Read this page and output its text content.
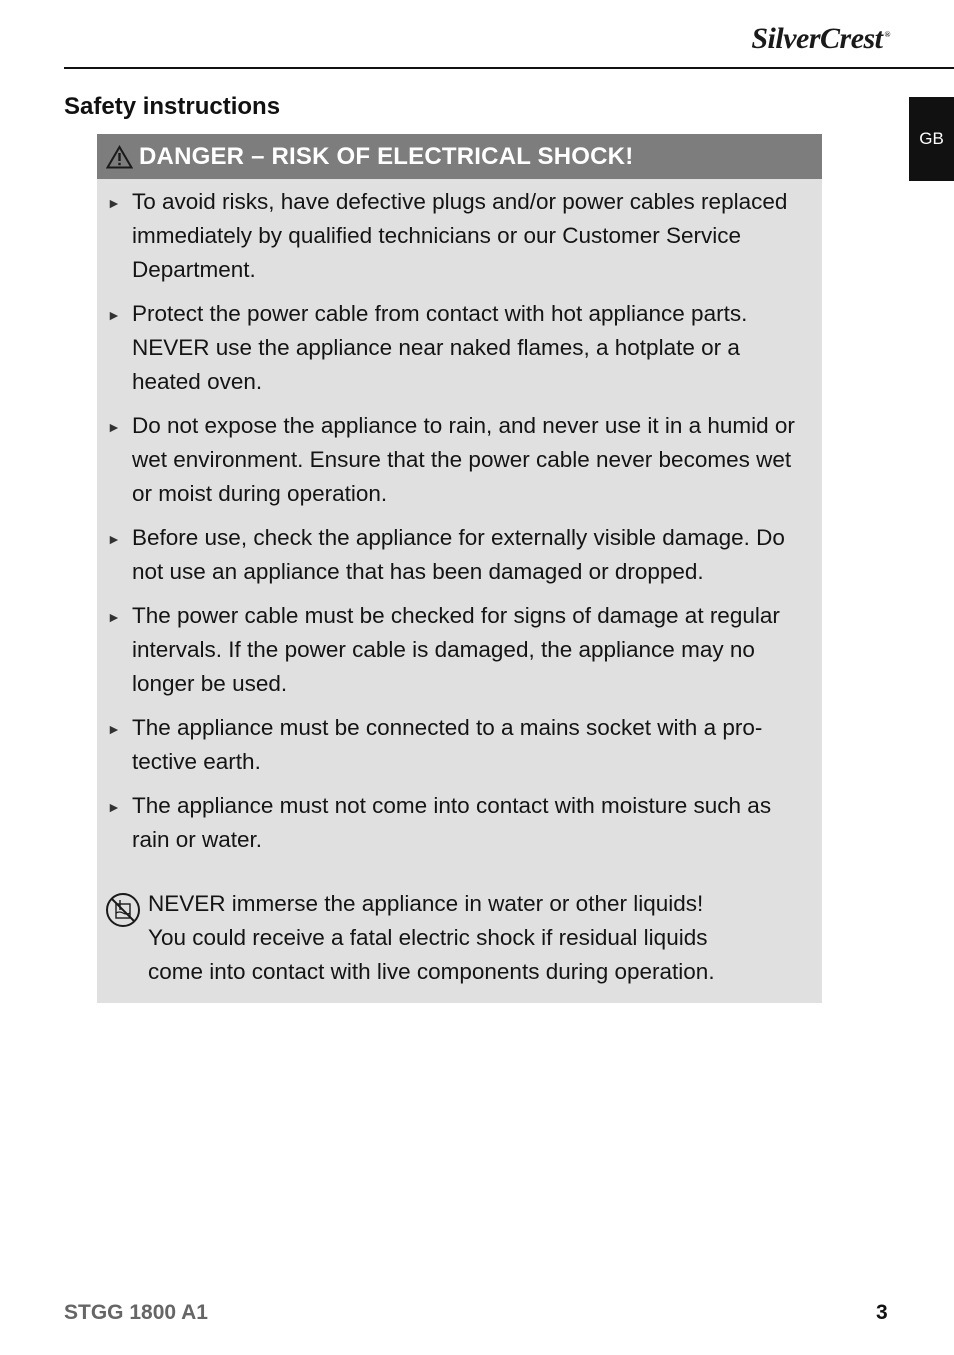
SilverCrest ®
GB
Safety instructions
DANGER – RISK OF ELECTRICAL SHOCK!
► To avoid risks, have defective plugs and/or power cables replaced immediately by qualified technicians or our Customer Service Department.
► Protect the power cable from contact with hot appliance parts. NEVER use the appliance near naked flames, a hotplate or a heated oven.
► Do not expose the appliance to rain, and never use it in a humid or wet environment. Ensure that the power cable never becomes wet or moist during operation.
► Before use, check the appliance for externally visible damage. Do not use an appliance that has been damaged or dropped.
► The power cable must be checked for signs of damage at regular intervals. If the power cable is damaged, the appliance may no longer be used.
► The appliance must be connected to a mains socket with a pro-tective earth.
► The appliance must not come into contact with moisture such as rain or water.
NEVER immerse the appliance in water or other liquids!
You could receive a fatal electric shock if residual liquids
come into contact with live components during operation.
STGG 1800 A1	3
